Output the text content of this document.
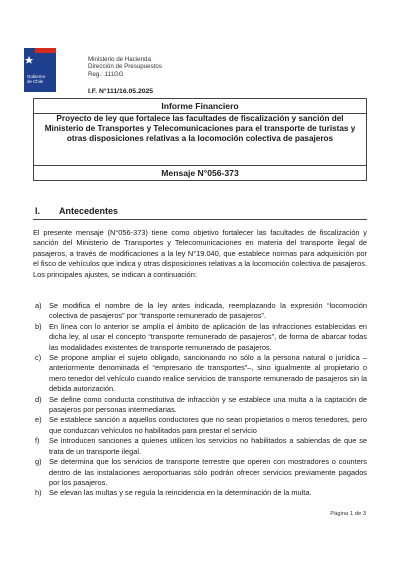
Gobierno
de Chile
Ministerio de Hacienda
Dirección de Presupuestos
Reg.: 111GG
I.F. N°111/16.05.2025
Informe Financiero
Proyecto de ley que fortalece las facultades de fiscalización y sanción del Ministerio de Transportes y Telecomunicaciones para el transporte de turistas y otras disposiciones relativas a la locomoción colectiva de pasajeros
Mensaje N°056-373
I. Antecedentes

El presente mensaje (N°056-373) tiene como objetivo fortalecer las facultades de fiscalización y sanción del Ministerio de Transportes y Telecomunicaciones en materia del transporte ilegal de pasajeros, a través de modificaciones a la ley N°19.040, que establece normas para adquisición por el fisco de vehículos que indica y otras disposiciones relativas a la locomoción colectiva de pasajeros. Los principales ajustes, se indican a continuación:

a) Se modifica el nombre de la ley antes indicada, reemplazando la expresión “locomoción colectiva de pasajeros” por “transporte remunerado de pasajeros”.
b) En línea con lo anterior se amplía el ámbito de aplicación de las infracciones establecidas en dicha ley, al usar el concepto “transporte remunerado de pasajeros”, de forma de abarcar todas las modalidades existentes de transporte remunerado de pasajeros.
c) Se propone ampliar el sujeto obligado, sancionando no sólo a la persona natural o jurídica –anteriormente denominada el “empresario de transportes”–, sino igualmente al propietario o mero tenedor del vehículo cuando realice servicios de transporte remunerado de pasajeros sin la debida autorización.
d) Se define como conducta constitutiva de infracción y se establece una multa a la captación de pasajeros por personas intermediarias.
e) Se establece sanción a aquellos conductores que no sean propietarios o meros tenedores, pero que conduzcan vehículos no habilitados para prestar el servicio
f) Se introducen sanciones a quienes utilicen los servicios no habilitados a sabiendas de que se trata de un transporte ilegal.
g) Se determina que los servicios de transporte terrestre que operen con mostradores o counters dentro de las instalaciones aeroportuarias sólo podrán ofrecer servicios previamente pagados por los pasajeros.
h) Se elevan las multas y se regula la reincidencia en la determinación de la multa.
Página 1 de 3
